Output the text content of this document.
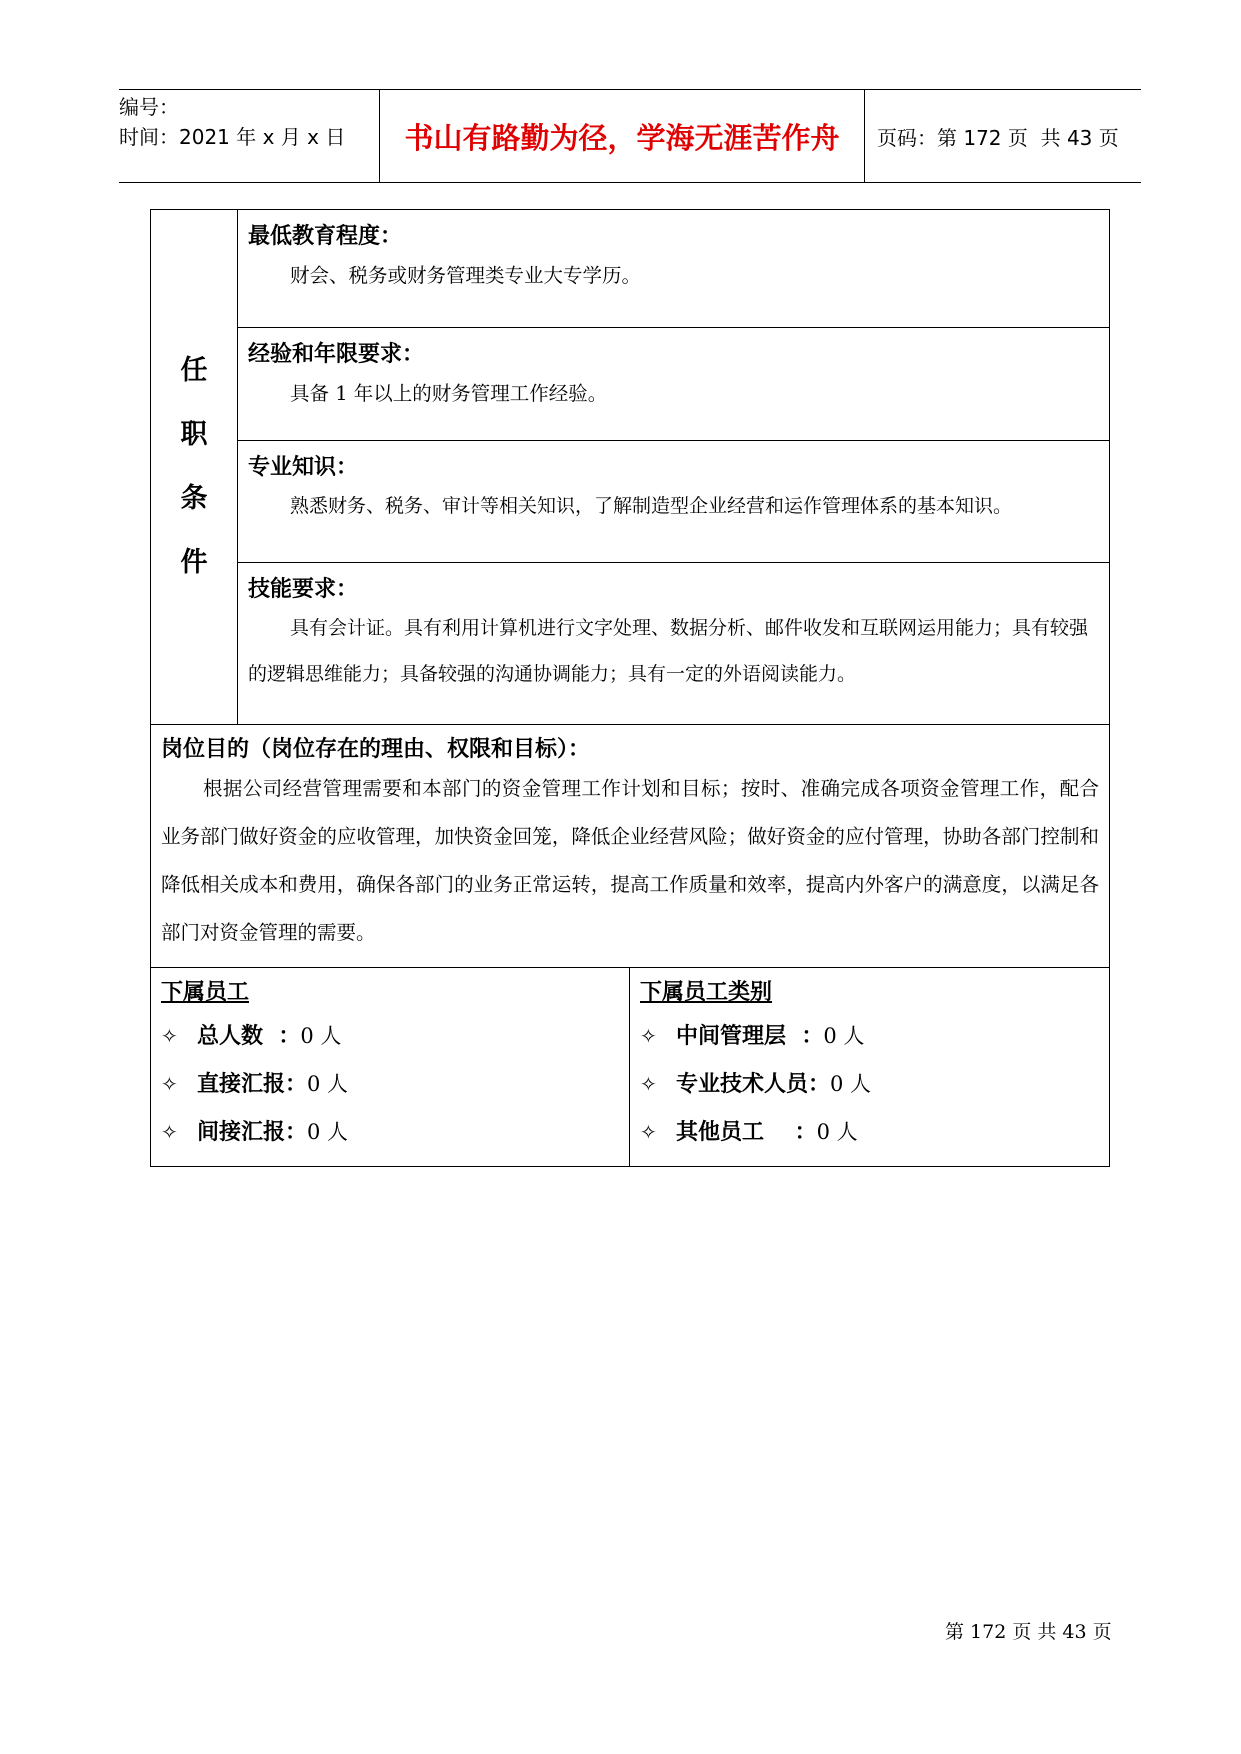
编号：
时间：2021 年 x 月 x 日	书山有路勤为径，学海无涯苦作舟	页码：第 172 页  共 43 页
任
职
条
件
最低教育程度：
财会、税务或财务管理类专业大专学历。
经验和年限要求：
具备 1 年以上的财务管理工作经验。
专业知识：
熟悉财务、税务、审计等相关知识，了解制造型企业经营和运作管理体系的基本知识。
技能要求：
具有会计证。具有利用计算机进行文字处理、数据分析、邮件收发和互联网运用能力；具有较强的逻辑思维能力；具备较强的沟通协调能力；具有一定的外语阅读能力。
岗位目的（岗位存在的理由、权限和目标）：
根据公司经营管理需要和本部门的资金管理工作计划和目标；按时、准确完成各项资金管理工作，配合业务部门做好资金的应收管理，加快资金回笼，降低企业经营风险；做好资金的应付管理，协助各部门控制和降低相关成本和费用，确保各部门的业务正常运转，提高工作质量和效率，提高内外客户的满意度，以满足各部门对资金管理的需要。
下属员工
✧ 总人数  ： 0 人
✧ 直接汇报： 0 人
✧ 间接汇报： 0 人
下属员工类别
✧ 中间管理层  ： 0 人
✧ 专业技术人员： 0 人
✧ 其他员工    ： 0 人
第 172 页 共 43 页
